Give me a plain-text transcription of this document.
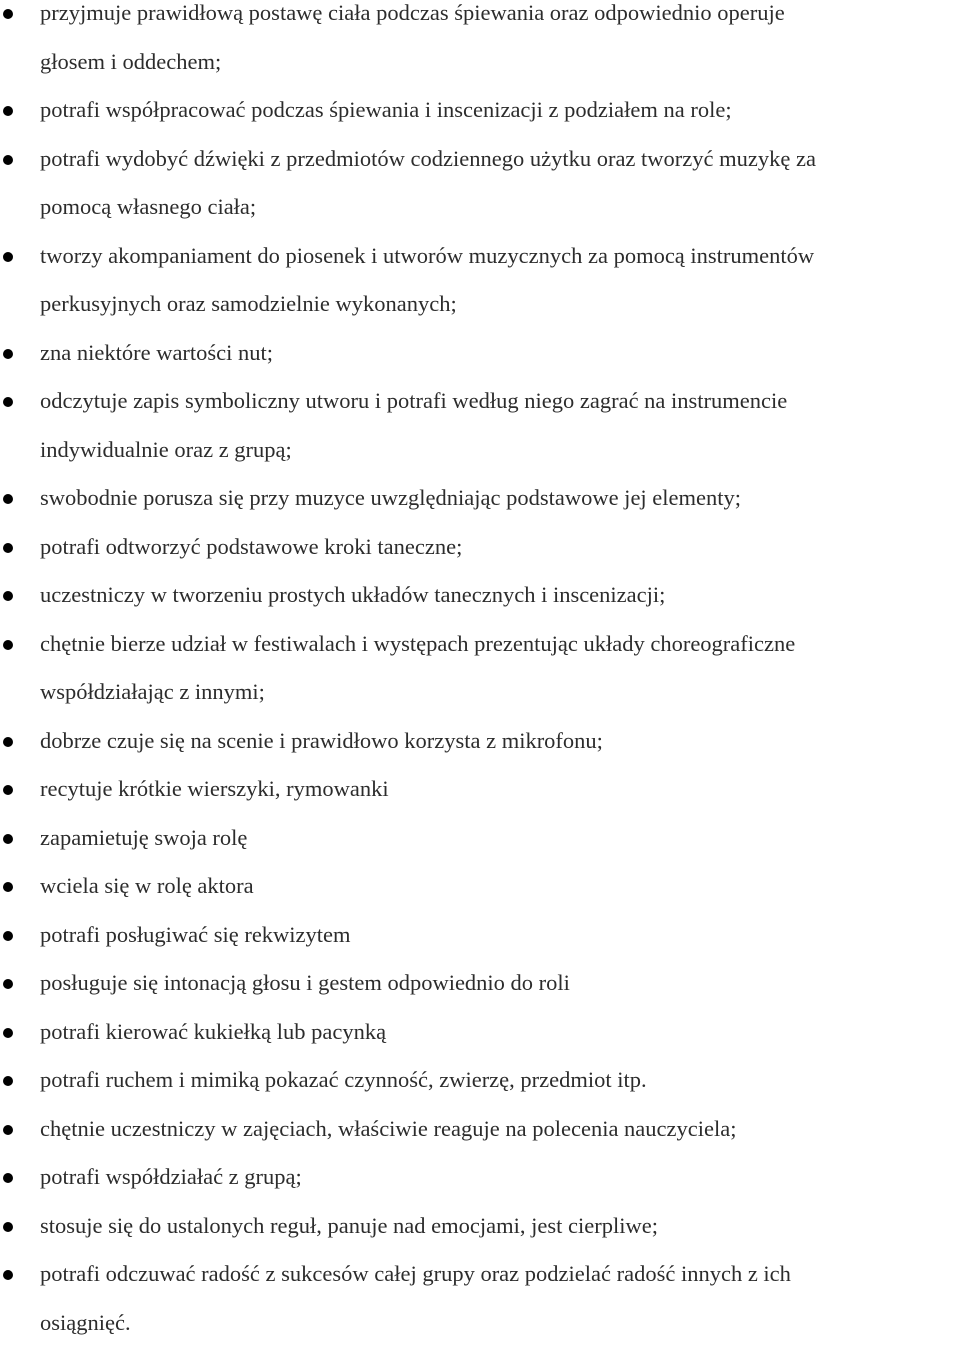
przyjmuje prawidłową postawę ciała podczas śpiewania oraz odpowiednio operuje
głosem i oddechem;
potrafi współpracować podczas śpiewania i inscenizacji z podziałem na role;
potrafi wydobyć dźwięki z przedmiotów codziennego użytku oraz tworzyć muzykę za
pomocą własnego ciała;
tworzy akompaniament do piosenek i utworów muzycznych za pomocą instrumentów
perkusyjnych oraz samodzielnie wykonanych;
zna niektóre wartości nut;
odczytuje zapis symboliczny utworu i potrafi według niego zagrać na instrumencie
indywidualnie oraz z grupą;
swobodnie porusza się przy muzyce uwzględniając podstawowe jej elementy;
potrafi odtworzyć podstawowe kroki taneczne;
uczestniczy w tworzeniu prostych układów tanecznych i inscenizacji;
chętnie bierze udział w festiwalach i występach prezentując układy choreograficzne
współdziałając z innymi;
dobrze czuje się na scenie i prawidłowo korzysta z mikrofonu;
recytuje krótkie wierszyki, rymowanki
zapamietuję swoja rolę
wciela się w rolę aktora
potrafi posługiwać się rekwizytem
posługuje się intonacją głosu i gestem odpowiednio do roli
potrafi kierować kukiełką lub pacynką
potrafi ruchem i mimiką pokazać czynność, zwierzę, przedmiot itp.
chętnie uczestniczy w zajęciach, właściwie reaguje na polecenia nauczyciela;
potrafi współdziałać z grupą;
stosuje się do ustalonych reguł, panuje nad emocjami, jest cierpliwe;
potrafi odczuwać radość z sukcesów całej grupy oraz podzielać radość innych z ich
osiągnięć.
